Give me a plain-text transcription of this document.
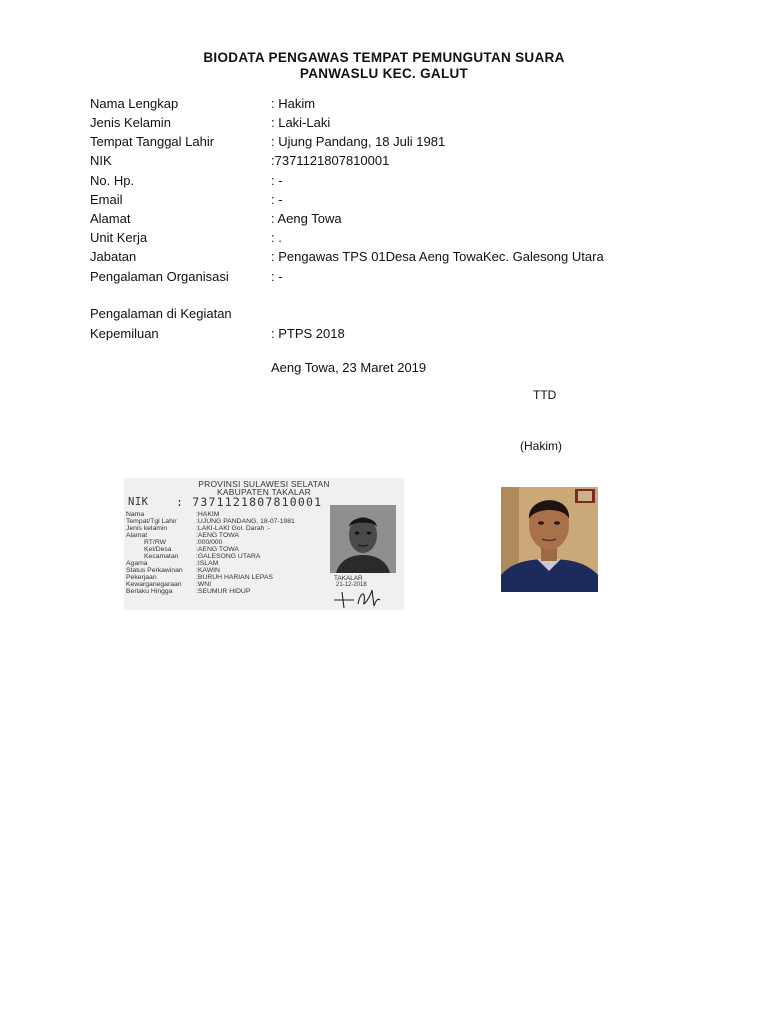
BIODATA PENGAWAS TEMPAT PEMUNGUTAN SUARA
PANWASLU KEC. GALUT
Nama Lengkap	: Hakim
Jenis Kelamin	: Laki-Laki
Tempat Tanggal Lahir	: Ujung Pandang, 18 Juli 1981
NIK	:7371121807810001
No. Hp.	: -
Email	: -
Alamat	: Aeng Towa
Unit Kerja	: .
Jabatan	: Pengawas TPS 01Desa Aeng TowaKec. Galesong Utara
Pengalaman Organisasi	: -
Pengalaman di Kegiatan
Kepemiluan	: PTPS 2018
Aeng Towa, 23 Maret 2019
TTD
(Hakim)
PROVINSI SULAWESI SELATAN
KABUPATEN TAKALAR
NIK : 7371121807810001
Nama	:HAKIM
Tempat/Tgl Lahir	:UJUNG PANDANG, 18-07-1981
Jenis kelamin	:LAKI-LAKI Gol. Darah :-
Alamat	:AENG TOWA
RT/RW	:000/000
Kel/Desa	:AENG TOWA
Kecamatan	:GALESONG UTARA
Agama	:ISLAM
Status Perkawinan :KAWIN
Pekerjaan	:BURUH HARIAN LEPAS
Kewarganegaraan :WNI
Berlaku Hingga	:SEUMUR HIDUP
TAKALAR
21-12-2018
